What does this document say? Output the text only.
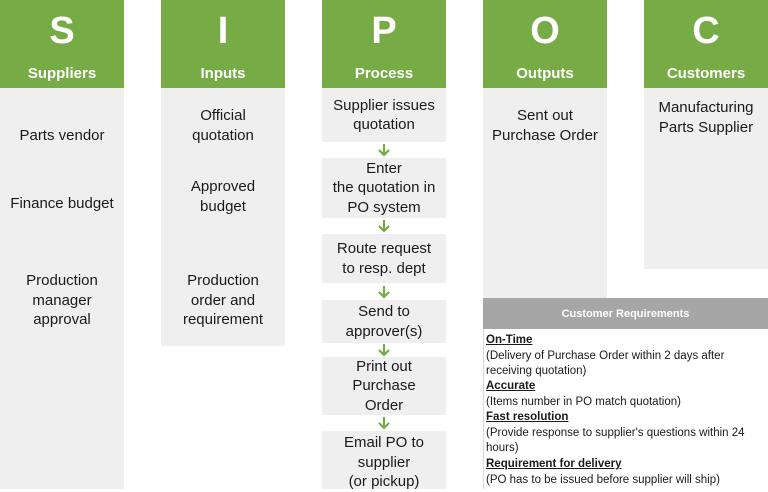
S
Suppliers
Parts vendor
Finance budget
Production
manager
approval
I
Inputs
Official
quotation
Approved
budget
Production
order and
requirement
P
Process
Supplier issues
quotation
Enter
the quotation in
PO system
Route request
to resp. dept
Send to
approver(s)
Print out
Purchase
Order
Email PO to
supplier
(or pickup)
O
Outputs
Sent out
Purchase Order
C
Customers
Manufacturing
Parts Supplier
Customer Requirements
On-Time
(Delivery of Purchase Order within 2 days after receiving quotation)
Accurate
(Items number in PO match quotation)
Fast resolution
(Provide response to supplier's questions within 24 hours)
Requirement for delivery
(PO has to be issued before supplier will ship)
